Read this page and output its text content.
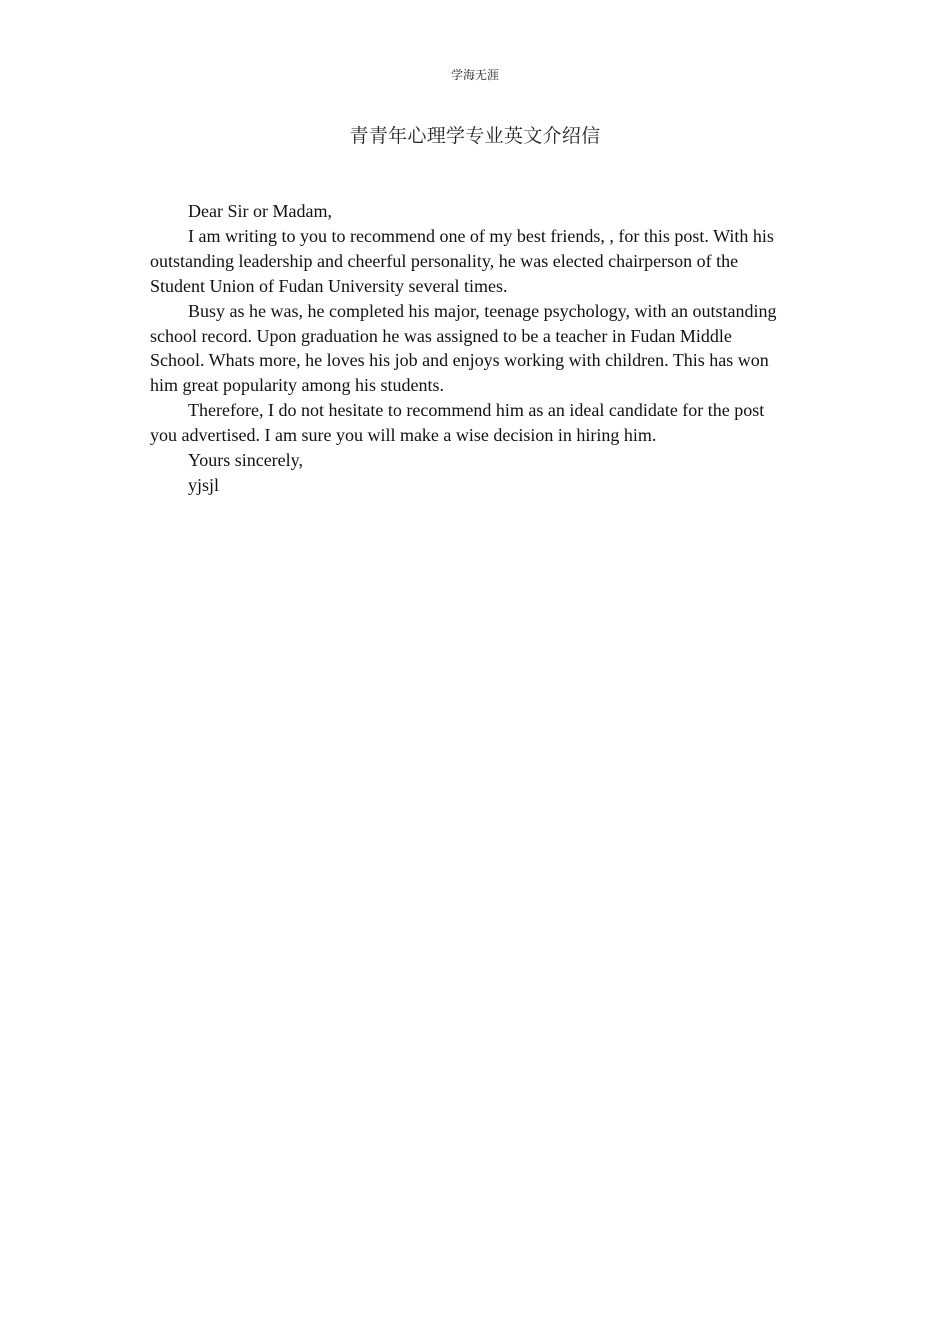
学海无涯
青青年心理学专业英文介绍信

Dear Sir or Madam,

I am writing to you to recommend one of my best friends, , for this post. With his outstanding leadership and cheerful personality, he was elected chairperson of the Student Union of Fudan University several times.

Busy as he was, he completed his major, teenage psychology, with an outstanding school record. Upon graduation he was assigned to be a teacher in Fudan Middle School. Whats more, he loves his job and enjoys working with children. This has won him great popularity among his students.

Therefore, I do not hesitate to recommend him as an ideal candidate for the post you advertised. I am sure you will make a wise decision in hiring him.

Yours sincerely,

yjsjl
